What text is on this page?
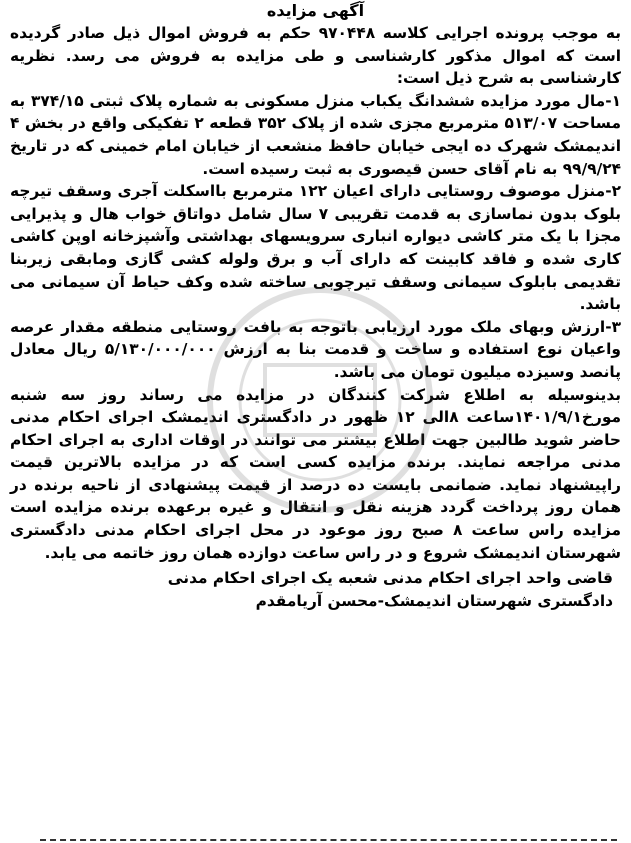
آگهی مزایده

به موجب پرونده اجرایی کلاسه ۹۷۰۴۴۸ حکم به فروش اموال ذیل صادر گردیده است که اموال مذکور کارشناسی و طی مزایده به فروش می رسد. نظریه کارشناسی به شرح ذیل است:

۱-مال مورد مزایده ششدانگ یکباب منزل مسکونی به شماره پلاک ثبتی ۳۷۴/۱۵ به مساحت ۵۱۳/۰۷ مترمربع مجزی شده از پلاک ۳۵۲ قطعه ۲ تفکیکی واقع در بخش ۴ اندیمشک شهرک ده ایجی خیابان حافظ منشعب از خیابان امام خمینی که در تاریخ ۹۹/۹/۲۴ به نام آقای حسن قیصوری به ثبت رسیده است.

۲-منزل موصوف روستایی دارای اعیان ۱۲۲ مترمربع بااسکلت آجری وسقف تیرچه بلوک بدون نماسازی به قدمت تقریبی ۷ سال شامل دواتاق خواب هال و پذیرایی مجزا با یک متر کاشی دیواره انباری سرویسهای بهداشتی وآشپزخانه اوپن کاشی کاری شده و فاقد کابینت که دارای آب و برق ولوله کشی گازی ومابقی زیربنا تقدیمی بابلوک سیمانی وسقف تیرچوبی ساخته شده وکف حیاط آن سیمانی می باشد.

۳-ارزش وبهای ملک مورد ارزیابی باتوجه به بافت روستایی منطقه مقدار عرصه واعیان نوع استفاده و ساخت و قدمت بنا به ارزش ۵/۱۳۰/۰۰۰/۰۰۰ ریال معادل پانصد وسیزده میلیون تومان می باشد.

بدینوسیله به اطلاع شرکت کنندگان در مزایده می رساند روز سه شنبه مورخ۱۴۰۱/۹/۱ساعت ۸الی ۱۲ ظهور در دادگستری اندیمشک اجرای احکام مدنی حاضر شوید طالبین جهت اطلاع بیشتر می توانند در اوقات اداری به اجرای احکام مدنی مراجعه نمایند. برنده مزایده کسی است که در مزایده بالاترین قیمت راپیشنهاد نماید. ضمانمی بایست ده درصد از قیمت پیشنهادی از ناحیه برنده در همان روز پرداخت گردد هزینه نقل و انتقال و غیره برعهده برنده مزایده است مزایده راس ساعت ۸ صبح روز موعود در محل اجرای احکام مدنی دادگستری شهرستان اندیمشک شروع و در راس ساعت دوازده همان روز خاتمه می یابد.

قاضی واحد اجرای احکام مدنی شعبه یک اجرای احکام مدنی
دادگستری شهرستان اندیمشک-محسن آریامقدم
